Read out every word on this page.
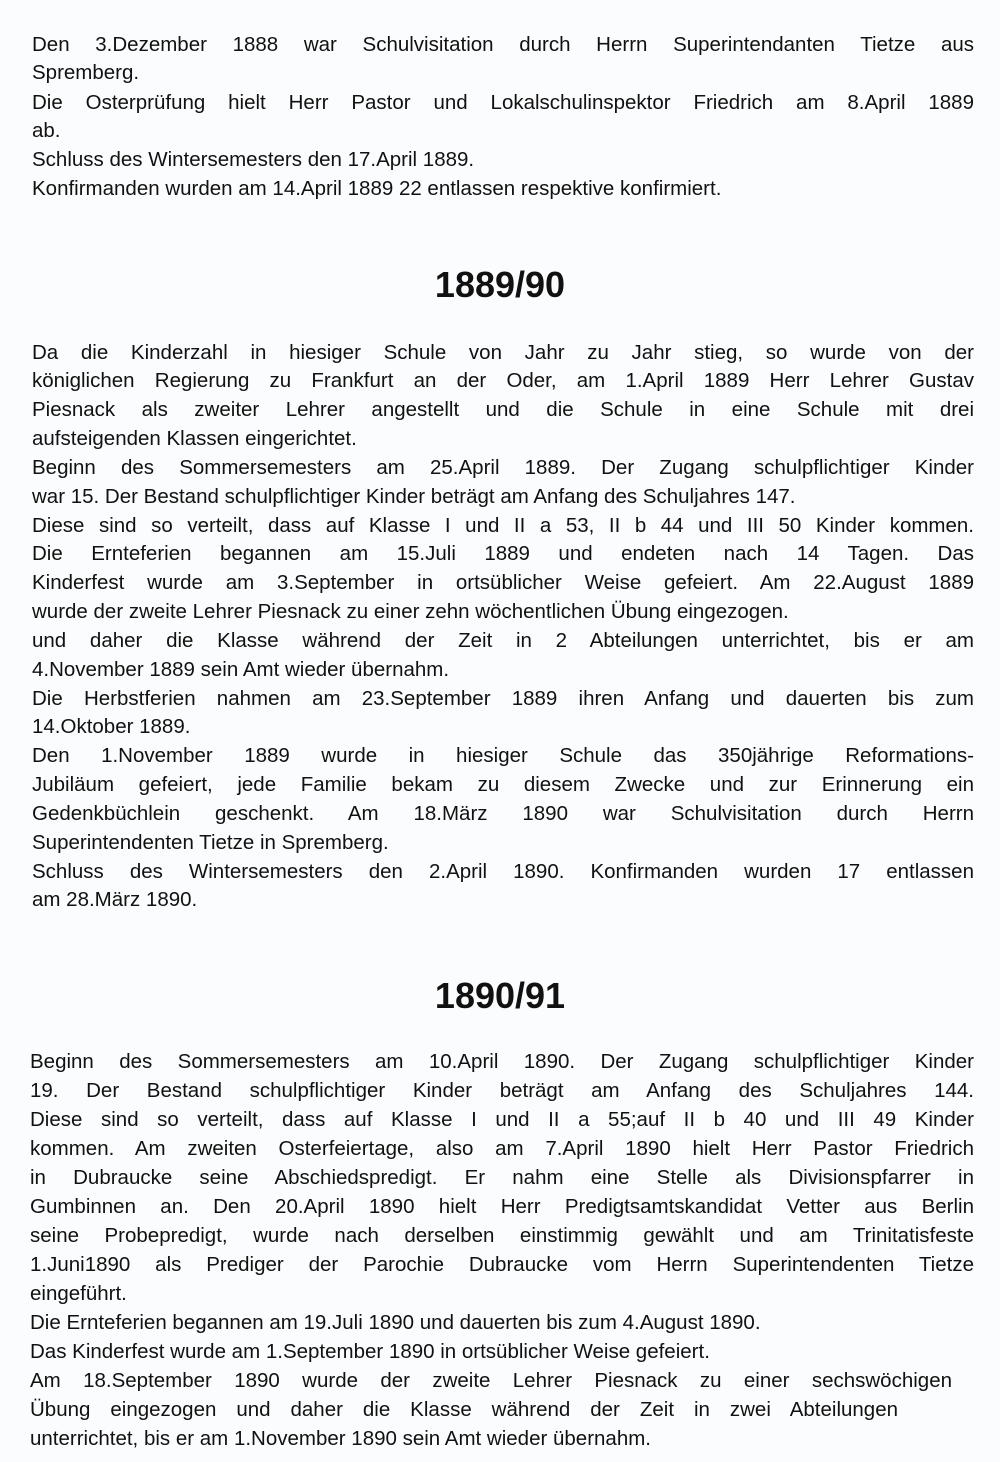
Den 3.Dezember 1888 war Schulvisitation durch Herrn Superintendanten Tietze aus
Spremberg.
Die Osterprüfung hielt Herr Pastor und Lokalschulinspektor Friedrich am 8.April 1889
ab.
Schluss des Wintersemesters den 17.April 1889.
Konfirmanden wurden am 14.April 1889 22 entlassen respektive konfirmiert.
1889/90
Da die Kinderzahl in hiesiger Schule von Jahr zu Jahr stieg, so wurde von der
königlichen Regierung zu Frankfurt an der Oder, am 1.April 1889 Herr Lehrer Gustav
Piesnack als zweiter Lehrer angestellt und die Schule in eine Schule mit drei
aufsteigenden Klassen eingerichtet.
Beginn des Sommersemesters am 25.April 1889. Der Zugang schulpflichtiger Kinder
war 15. Der Bestand schulpflichtiger Kinder beträgt am Anfang des Schuljahres 147.
Diese sind so verteilt, dass auf Klasse I und II a 53, II b 44 und III 50 Kinder kommen.
Die Ernteferien begannen am 15.Juli 1889 und endeten nach 14 Tagen. Das
Kinderfest wurde am 3.September in ortsüblicher Weise gefeiert. Am 22.August 1889
wurde der zweite Lehrer Piesnack zu einer zehn wöchentlichen Übung eingezogen.
und daher die Klasse während der Zeit in 2 Abteilungen unterrichtet, bis er am
4.November 1889 sein Amt wieder übernahm.
Die Herbstferien nahmen am 23.September 1889 ihren Anfang und dauerten bis zum
14.Oktober 1889.
Den 1.November 1889 wurde in hiesiger Schule das 350jährige Reformations-
Jubiläum gefeiert, jede Familie bekam zu diesem Zwecke und zur Erinnerung ein
Gedenkbüchlein geschenkt. Am 18.März 1890 war Schulvisitation durch Herrn
Superintendenten Tietze in Spremberg.
Schluss des Wintersemesters den 2.April 1890. Konfirmanden wurden 17 entlassen
am 28.März 1890.
1890/91
Beginn des Sommersemesters am 10.April 1890. Der Zugang schulpflichtiger Kinder
19. Der Bestand schulpflichtiger Kinder beträgt am Anfang des Schuljahres 144.
Diese sind so verteilt, dass auf Klasse I und II a 55;auf II b 40 und III 49 Kinder
kommen. Am zweiten Osterfeiertage, also am 7.April 1890 hielt Herr Pastor Friedrich
in Dubraucke seine Abschiedspredigt. Er nahm eine Stelle als Divisionspfarrer in
Gumbinnen an. Den 20.April 1890 hielt Herr Predigtsamtskandidat Vetter aus Berlin
seine Probepredigt, wurde nach derselben einstimmig gewählt und am Trinitatisfeste
1.Juni1890 als Prediger der Parochie Dubraucke vom Herrn Superintendenten Tietze
eingeführt.
Die Ernteferien begannen am 19.Juli 1890 und dauerten bis zum 4.August 1890.
Das Kinderfest wurde am 1.September 1890 in ortsüblicher Weise gefeiert.
Am 18.September 1890 wurde der zweite Lehrer Piesnack zu einer sechswöchigen
Übung eingezogen und daher die Klasse während der Zeit in zwei Abteilungen
unterrichtet, bis er am 1.November 1890 sein Amt wieder übernahm.
